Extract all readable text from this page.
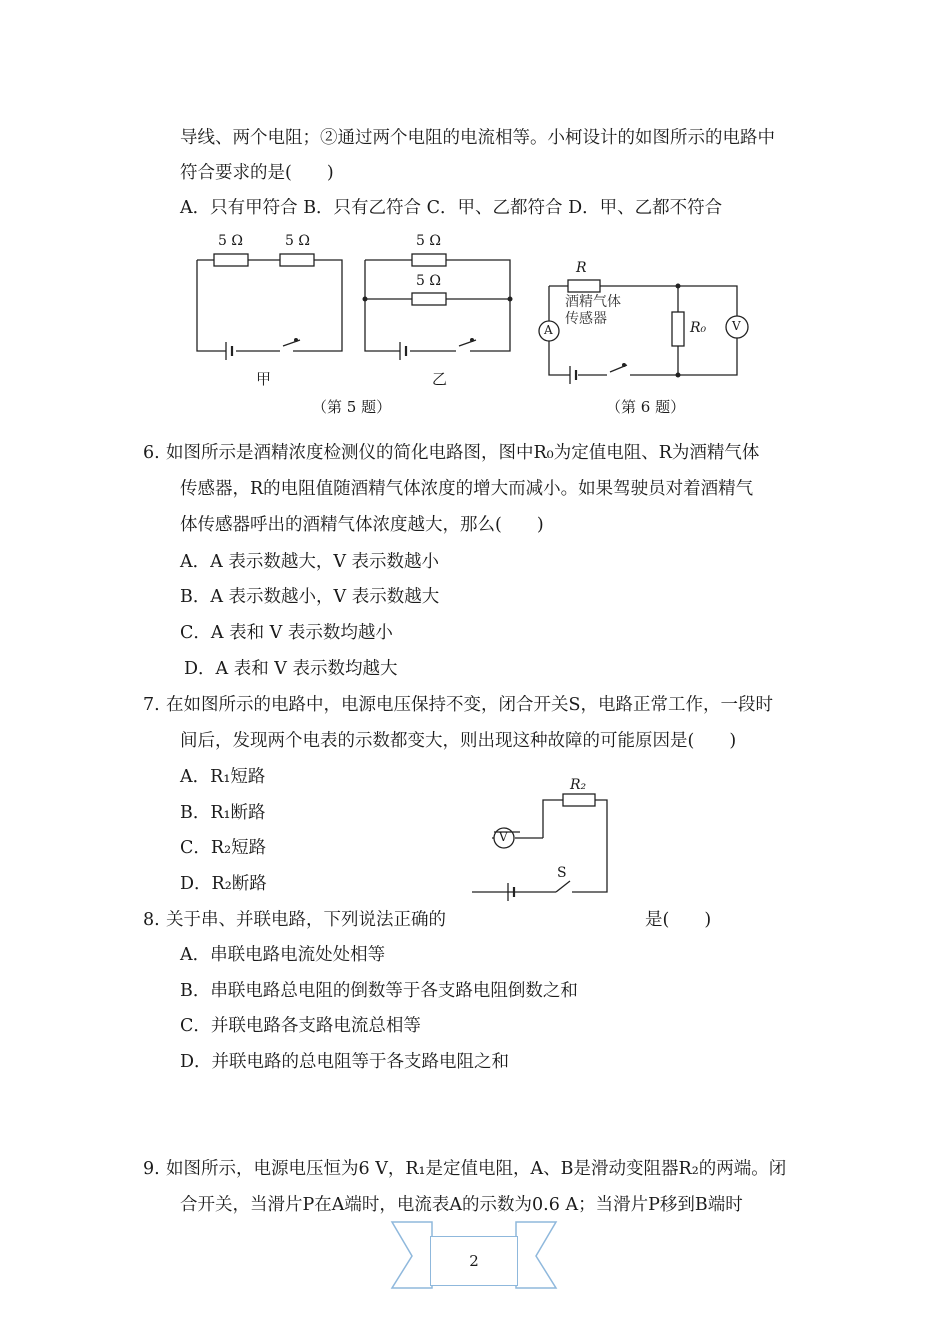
导线、两个电阻；②通过两个电阻的电流相等。小柯设计的如图所示的电路中
符合要求的是(　　)
A．只有甲符合 B．只有乙符合 C．甲、乙都符合 D．甲、乙都不符合
5 Ω	5 Ω
甲
5 Ω
5 Ω
乙
（第 5 题）
R
酒精气体
传感器
R₀
A	V
（第 6 题）
6. 如图所示是酒精浓度检测仪的简化电路图，图中R₀为定值电阻、R为酒精气体
传感器，R的电阻值随酒精气体浓度的增大而减小。如果驾驶员对着酒精气
体传感器呼出的酒精气体浓度越大，那么(　　)
A．A 表示数越大，V 表示数越小
B．A 表示数越小，V 表示数越大
C．A 表和 V 表示数均越小
D．A 表和 V 表示数均越大
7. 在如图所示的电路中，电源电压保持不变，闭合开关S，电路正常工作，一段时
间后，发现两个电表的示数都变大，则出现这种故障的可能原因是(　　)
A．R₁短路
B．R₁断路
C．R₂短路
D．R₂断路
R₂
V
S
8. 关于串、并联电路，下列说法正确的	是(　　)
A．串联电路电流处处相等
B．串联电路总电阻的倒数等于各支路电阻倒数之和
C．并联电路各支路电流总相等
D．并联电路的总电阻等于各支路电阻之和
9. 如图所示，电源电压恒为6 V，R₁是定值电阻，A、B是滑动变阻器R₂的两端。闭
合开关，当滑片P在A端时，电流表A的示数为0.6 A；当滑片P移到B端时
2
